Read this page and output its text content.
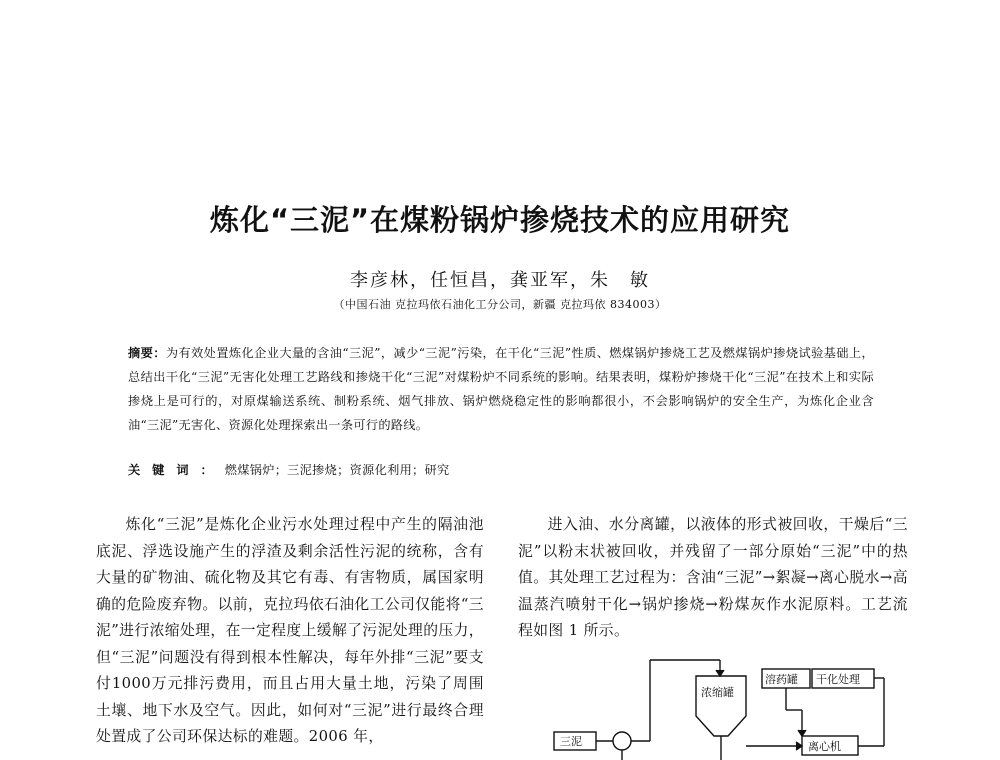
炼化“三泥”在煤粉锅炉掺烧技术的应用研究
李彦林，任恒昌，龚亚军，朱　敏
（中国石油 克拉玛依石油化工分公司，新疆 克拉玛依 834003）
摘要：为有效处置炼化企业大量的含油“三泥”，减少“三泥”污染，在干化“三泥”性质、燃煤锅炉掺烧工艺及燃煤锅炉掺烧试验基础上，总结出干化“三泥”无害化处理工艺路线和掺烧干化“三泥”对煤粉炉不同系统的影响。结果表明，煤粉炉掺烧干化“三泥”在技术上和实际掺烧上是可行的，对原煤输送系统、制粉系统、烟气排放、锅炉燃烧稳定性的影响都很小，不会影响锅炉的安全生产，为炼化企业含油“三泥”无害化、资源化处理探索出一条可行的路线。
关键词：燃煤锅炉；三泥掺烧；资源化利用；研究

炼化“三泥”是炼化企业污水处理过程中产生的隔油池底泥、浮选设施产生的浮渣及剩余活性污泥的统称，含有大量的矿物油、硫化物及其它有毒、有害物质，属国家明确的危险废弃物。以前，克拉玛依石油化工公司仅能将“三泥”进行浓缩处理，在一定程度上缓解了污泥处理的压力，但“三泥”问题没有得到根本性解决，每年外排“三泥”要支付1000万元排污费用，而且占用大量土地，污染了周围土壤、地下水及空气。因此，如何对“三泥”进行最终合理处置成了公司环保达标的难题。2006 年，

进入油、水分离罐，以液体的形式被回收，干燥后“三泥”以粉末状被回收，并残留了一部分原始“三泥”中的热值。其处理工艺过程为：含油“三泥”→絮凝→离心脱水→高温蒸汽喷射干化→锅炉掺烧→粉煤灰作水泥原料。工艺流程如图 1 所示。

三泥
浓缩罐
溶药罐 干化处理
离心机
